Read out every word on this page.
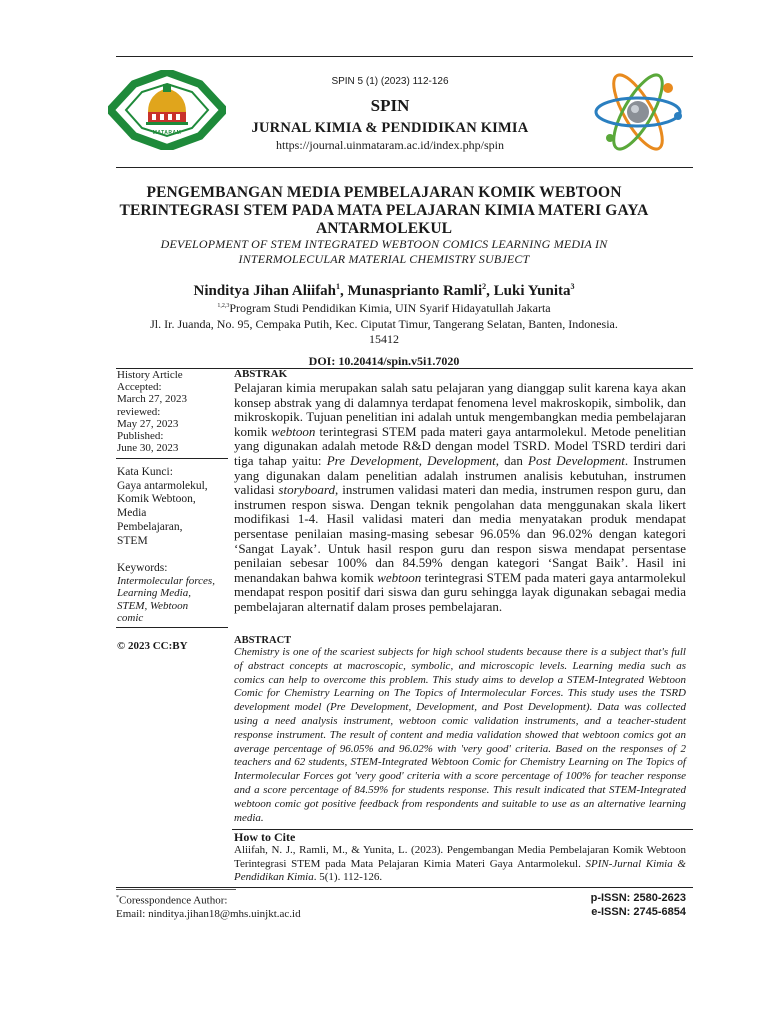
MATARAM
SPIN 5 (1) (2023) 112-126
SPIN
JURNAL KIMIA & PENDIDIKAN KIMIA
https://journal.uinmataram.ac.id/index.php/spin
PENGEMBANGAN MEDIA PEMBELAJARAN KOMIK WEBTOON
TERINTEGRASI STEM PADA MATA PELAJARAN KIMIA MATERI GAYA
ANTARMOLEKUL
DEVELOPMENT OF STEM INTEGRATED WEBTOON COMICS LEARNING MEDIA IN
INTERMOLECULAR MATERIAL CHEMISTRY SUBJECT
Ninditya Jihan Aliifah$^1$, Munasprianto Ramli$^2$, Luki Yunita$^3$
$^{1,2,3}$Program Studi Pendidikan Kimia, UIN Syarif Hidayatullah Jakarta
Jl. Ir. Juanda, No. 95, Cempaka Putih, Kec. Ciputat Timur, Tangerang Selatan, Banten, Indonesia.
15412
DOI: 10.20414/spin.v5i1.7020
History Article
Accepted:
March 27, 2023
reviewed:
May 27, 2023
Published:
June 30, 2023
Kata Kunci:
Gaya antarmolekul,
Komik Webtoon,
Media
Pembelajaran,
STEM
Keywords:
Intermolecular forces,
Learning Media,
STEM, Webtoon
comic
© 2023 CC:BY
ABSTRAK
Pelajaran kimia merupakan salah satu pelajaran yang dianggap sulit karena kaya akan konsep abstrak yang di dalamnya terdapat fenomena level makroskopik, simbolik, dan mikroskopik. Tujuan penelitian ini adalah untuk mengembangkan media pembelajaran komik webtoon terintegrasi STEM pada materi gaya antarmolekul. Metode penelitian yang digunakan adalah metode R&D dengan model TSRD. Model TSRD terdiri dari tiga tahap yaitu: Pre Development, Development, dan Post Development. Instrumen yang digunakan dalam penelitian adalah instrumen analisis kebutuhan, instrumen validasi storyboard, instrumen validasi materi dan media, instrumen respon guru, dan instrumen respon siswa. Dengan teknik pengolahan data menggunakan skala likert modifikasi 1-4. Hasil validasi materi dan media menyatakan produk mendapat persentase penilaian masing-masing sebesar 96.05% dan 96.02% dengan kategori ‘Sangat Layak’. Untuk hasil respon guru dan respon siswa mendapat persentase penilaian sebesar 100% dan 84.59% dengan kategori ‘Sangat Baik’. Hasil ini menandakan bahwa komik webtoon terintegrasi STEM pada materi gaya antarmolekul mendapat respon positif dari siswa dan guru sehingga layak digunakan sebagai media pembelajaran alternatif dalam proses pembelajaran.
ABSTRACT
Chemistry is one of the scariest subjects for high school students because there is a subject that's full of abstract concepts at macroscopic, symbolic, and microscopic levels. Learning media such as comics can help to overcome this problem. This study aims to develop a STEM-Integrated Webtoon Comic for Chemistry Learning on The Topics of Intermolecular Forces. This study uses the TSRD development model (Pre Development, Development, and Post Development). Data was collected using a need analysis instrument, webtoon comic validation instruments, and a teacher-student response instrument. The result of content and media validation showed that webtoon comics got an average percentage of 96.05% and 96.02% with 'very good' criteria. Based on the responses of 2 teachers and 62 students, STEM-Integrated Webtoon Comic for Chemistry Learning on The Topics of Intermolecular Forces got 'very good' criteria with a score percentage of 100% for teacher response and a score percentage of 84.59% for students response. This result indicated that STEM-Integrated webtoon comic got positive feedback from respondents and suitable to use as an alternative learning media.
How to Cite
Aliifah, N. J., Ramli, M., & Yunita, L. (2023). Pengembangan Media Pembelajaran Komik Webtoon Terintegrasi STEM pada Mata Pelajaran Kimia Materi Gaya Antarmolekul. SPIN-Jurnal Kimia & Pendidikan Kimia. 5(1). 112-126.
*Coresspondence Author:
Email: ninditya.jihan18@mhs.uinjkt.ac.id
p-ISSN: 2580-2623
e-ISSN: 2745-6854
